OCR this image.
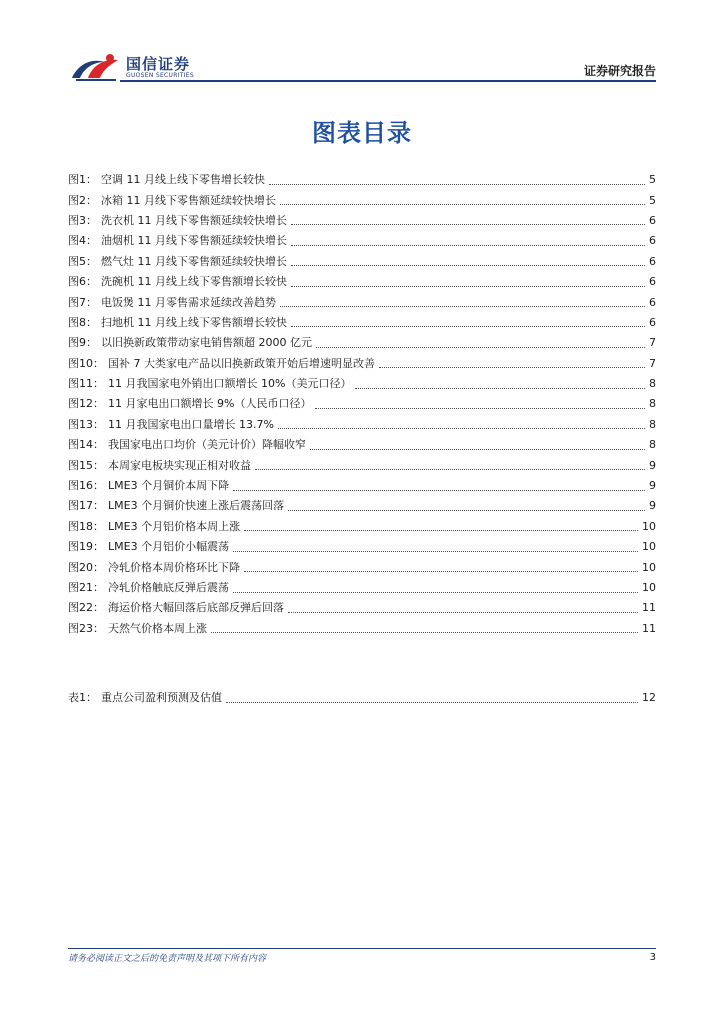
国信证券
GUOSEN SECURITIES	证券研究报告
图表目录
图1： 空调 11 月线上线下零售增长较快	5
图2： 冰箱 11 月线下零售额延续较快增长	5
图3： 洗衣机 11 月线下零售额延续较快增长	6
图4： 油烟机 11 月线下零售额延续较快增长	6
图5： 燃气灶 11 月线下零售额延续较快增长	6
图6： 洗碗机 11 月线上线下零售额增长较快	6
图7： 电饭煲 11 月零售需求延续改善趋势	6
图8： 扫地机 11 月线上线下零售额增长较快	6
图9： 以旧换新政策带动家电销售额超 2000 亿元	7
图10： 国补 7 大类家电产品以旧换新政策开始后增速明显改善	7
图11： 11 月我国家电外销出口额增长 10%（美元口径）	8
图12： 11 月家电出口额增长 9%（人民币口径）	8
图13： 11 月我国家电出口量增长 13.7%	8
图14： 我国家电出口均价（美元计价）降幅收窄	8
图15： 本周家电板块实现正相对收益	9
图16： LME3 个月铜价本周下降	9
图17： LME3 个月铜价快速上涨后震荡回落	9
图18： LME3 个月铝价格本周上涨	10
图19： LME3 个月铝价小幅震荡	10
图20： 冷轧价格本周价格环比下降	10
图21： 冷轧价格触底反弹后震荡	10
图22： 海运价格大幅回落后底部反弹后回落	11
图23： 天然气价格本周上涨	11
表1： 重点公司盈利预测及估值	12
请务必阅读正文之后的免责声明及其项下所有内容	3
